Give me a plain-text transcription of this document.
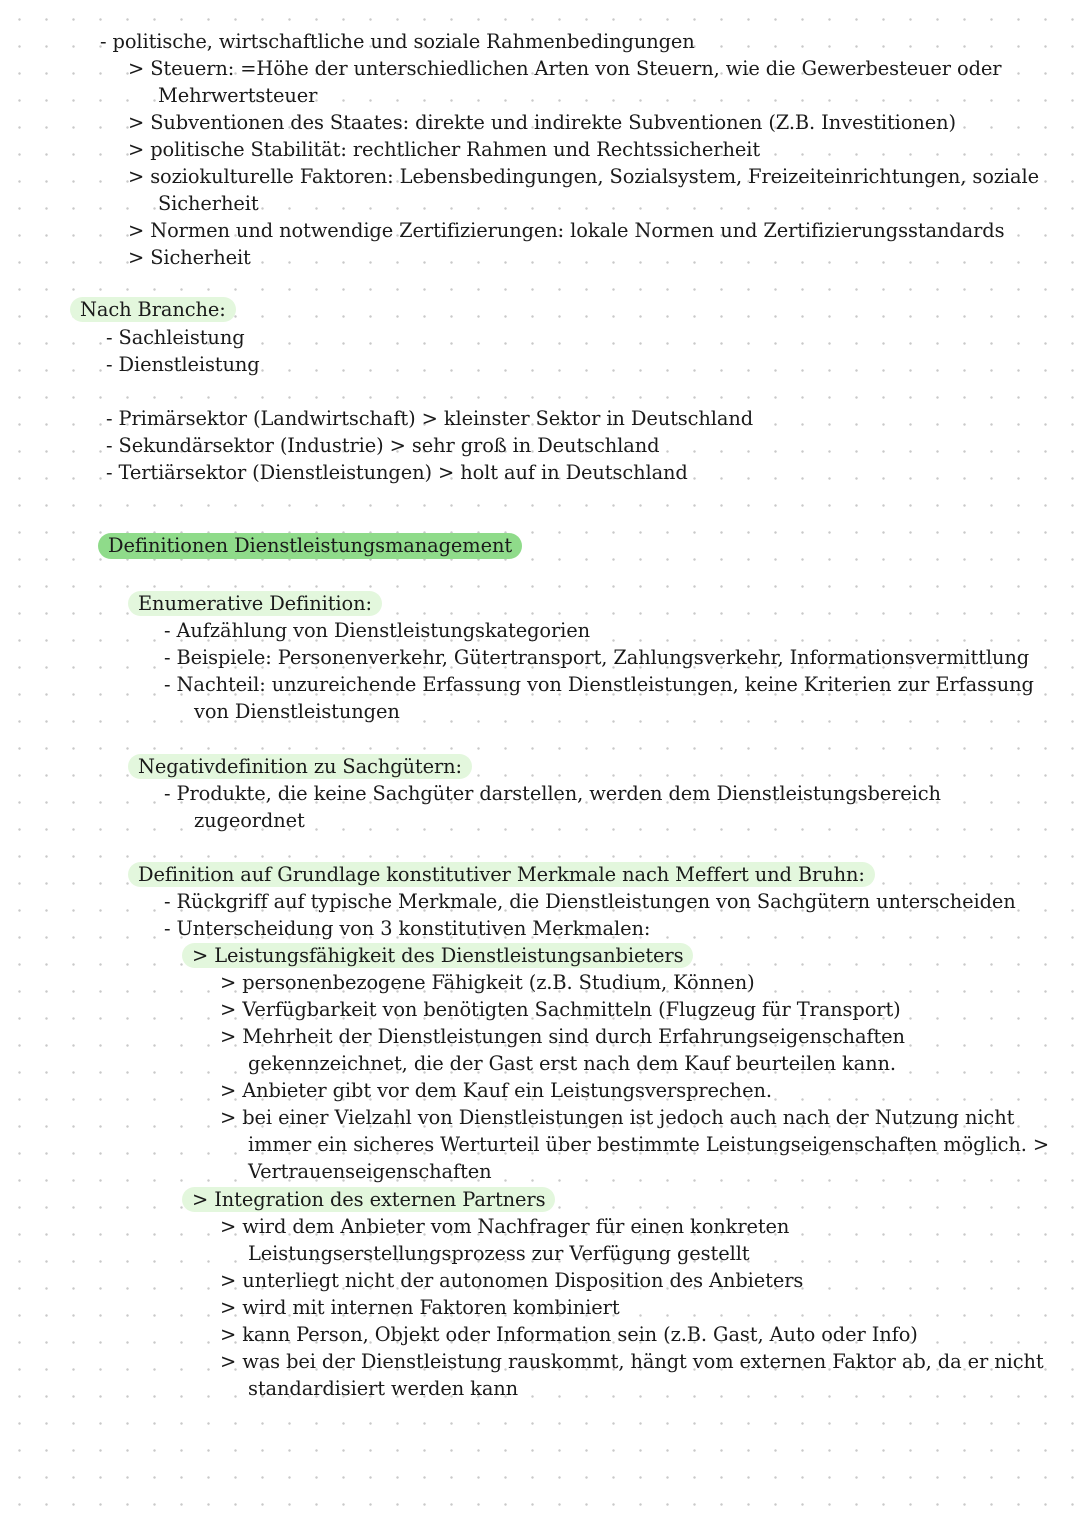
- politische, wirtschaftliche und soziale Rahmenbedingungen
> Steuern: =Höhe der unterschiedlichen Arten von Steuern, wie die Gewerbesteuer oder
Mehrwertsteuer
> Subventionen des Staates: direkte und indirekte Subventionen (Z.B. Investitionen)
> politische Stabilität: rechtlicher Rahmen und Rechtssicherheit
> soziokulturelle Faktoren: Lebensbedingungen, Sozialsystem, Freizeiteinrichtungen, soziale
Sicherheit
> Normen und notwendige Zertifizierungen: lokale Normen und Zertifizierungsstandards
> Sicherheit
Nach Branche:
- Sachleistung
- Dienstleistung
- Primärsektor (Landwirtschaft) > kleinster Sektor in Deutschland
- Sekundärsektor (Industrie) > sehr groß in Deutschland
- Tertiärsektor (Dienstleistungen) > holt auf in Deutschland
Definitionen Dienstleistungsmanagement
Enumerative Definition:
- Aufzählung von Dienstleistungskategorien
- Beispiele: Personenverkehr, Gütertransport, Zahlungsverkehr, Informationsvermittlung
- Nachteil: unzureichende Erfassung von Dienstleistungen, keine Kriterien zur Erfassung
von Dienstleistungen
Negativdefinition zu Sachgütern:
- Produkte, die keine Sachgüter darstellen, werden dem Dienstleistungsbereich
zugeordnet
Definition auf Grundlage konstitutiver Merkmale nach Meffert und Bruhn:
- Rückgriff auf typische Merkmale, die Dienstleistungen von Sachgütern unterscheiden
- Unterscheidung von 3 konstitutiven Merkmalen:
> Leistungsfähigkeit des Dienstleistungsanbieters
> personenbezogene Fähigkeit (z.B. Studium, Können)
> Verfügbarkeit von benötigten Sachmitteln (Flugzeug für Transport)
> Mehrheit der Dienstleistungen sind durch Erfahrungseigenschaften
gekennzeichnet, die der Gast erst nach dem Kauf beurteilen kann.
> Anbieter gibt vor dem Kauf ein Leistungsversprechen.
> bei einer Vielzahl von Dienstleistungen ist jedoch auch nach der Nutzung nicht
immer ein sicheres Werturteil über bestimmte Leistungseigenschaften möglich. >
Vertrauenseigenschaften
> Integration des externen Partners
> wird dem Anbieter vom Nachfrager für einen konkreten
Leistungserstellungsprozess zur Verfügung gestellt
> unterliegt nicht der autonomen Disposition des Anbieters
> wird mit internen Faktoren kombiniert
> kann Person, Objekt oder Information sein (z.B. Gast, Auto oder Info)
> was bei der Dienstleistung rauskommt, hängt vom externen Faktor ab, da er nicht
standardisiert werden kann
